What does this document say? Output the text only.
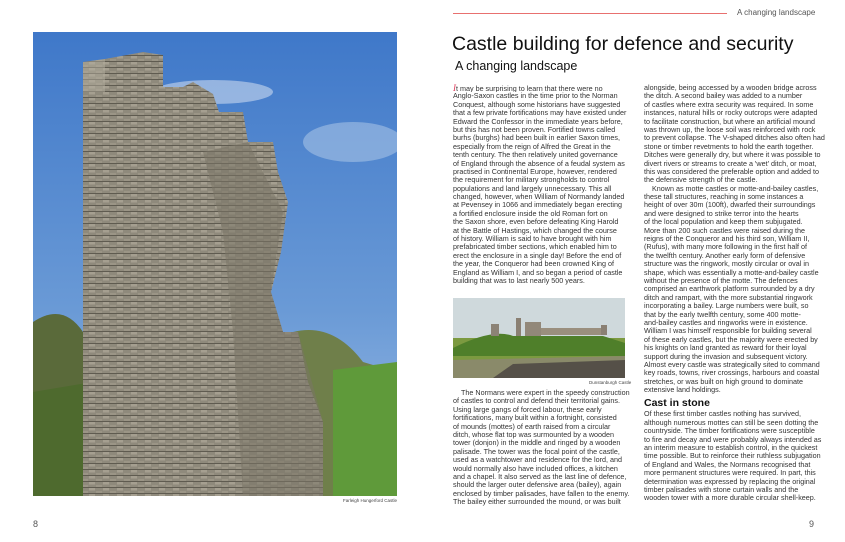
Farleigh Hungerford Castle
8
A changing landscape
Castle building for defence and security
A changing landscape
It may be surprising to learn that there were no
Anglo-Saxon castles in the time prior to the Norman
Conquest, although some historians have suggested
that a few private fortifications may have existed under
Edward the Confessor in the immediate years before,
but this has not been proven. Fortified towns called
burhs (burghs) had been built in earlier Saxon times,
especially from the reign of Alfred the Great in the
tenth century. The then relatively united governance
of England through the absence of a feudal system as
practised in Continental Europe, however, rendered
the requirement for military strongholds to control
populations and land largely unnecessary. This all
changed, however, when William of Normandy landed
at Pevensey in 1066 and immediately began erecting
a fortified enclosure inside the old Roman fort on
the Saxon shore, even before defeating King Harold
at the Battle of Hastings, which changed the course
of history. William is said to have brought with him
prefabricated timber sections, which enabled him to
erect the enclosure in a single day! Before the end of
the year, the Conqueror had been crowned King of
England as William I, and so began a period of castle
building that was to last nearly 500 years.
Dunstanburgh Castle
The Normans were expert in the speedy construction
of castles to control and defend their territorial gains.
Using large gangs of forced labour, these early
fortifications, many built within a fortnight, consisted
of mounds (mottes) of earth raised from a circular
ditch, whose flat top was surmounted by a wooden
tower (donjon) in the middle and ringed by a wooden
palisade. The tower was the focal point of the castle,
used as a watchtower and residence for the lord, and
would normally also have included offices, a kitchen
and a chapel. It also served as the last line of defence,
should the larger outer defensive area (bailey), again
enclosed by timber palisades, have fallen to the enemy.
The bailey either surrounded the mound, or was built
alongside, being accessed by a wooden bridge across
the ditch. A second bailey was added to a number
of castles where extra security was required. In some
instances, natural hills or rocky outcrops were adapted
to facilitate construction, but where an artificial mound
was thrown up, the loose soil was reinforced with rock
to prevent collapse. The V-shaped ditches also often had
stone or timber revetments to hold the earth together.
Ditches were generally dry, but where it was possible to
divert rivers or streams to create a 'wet' ditch, or moat,
this was considered the preferable option and added to
the defensive strength of the castle.
Known as motte castles or motte-and-bailey castles,
these tall structures, reaching in some instances a
height of over 30m (100ft), dwarfed their surroundings
and were designed to strike terror into the hearts
of the local population and keep them subjugated.
More than 200 such castles were raised during the
reigns of the Conqueror and his third son, William II,
(Rufus), with many more following in the first half of
the twelfth century. Another early form of defensive
structure was the ringwork, mostly circular or oval in
shape, which was essentially a motte-and-bailey castle
without the presence of the motte. The defences
comprised an earthwork platform surrounded by a dry
ditch and rampart, with the more substantial ringwork
incorporating a bailey. Large numbers were built, so
that by the early twelfth century, some 400 motte-
and-bailey castles and ringworks were in existence.
William I was himself responsible for building several
of these early castles, but the majority were erected by
his knights on land granted as reward for their loyal
support during the invasion and subsequent victory.
Almost every castle was strategically sited to command
key roads, towns, river crossings, harbours and coastal
stretches, or was built on high ground to dominate
extensive land holdings.
Cast in stone
Of these first timber castles nothing has survived,
although numerous mottes can still be seen dotting the
countryside. The timber fortifications were susceptible
to fire and decay and were probably always intended as
an interim measure to establish control, in the quickest
time possible. But to reinforce their ruthless subjugation
of England and Wales, the Normans recognised that
more permanent structures were required. In part, this
determination was expressed by replacing the original
timber palisades with stone curtain walls and the
wooden tower with a more durable circular shell-keep.
9
